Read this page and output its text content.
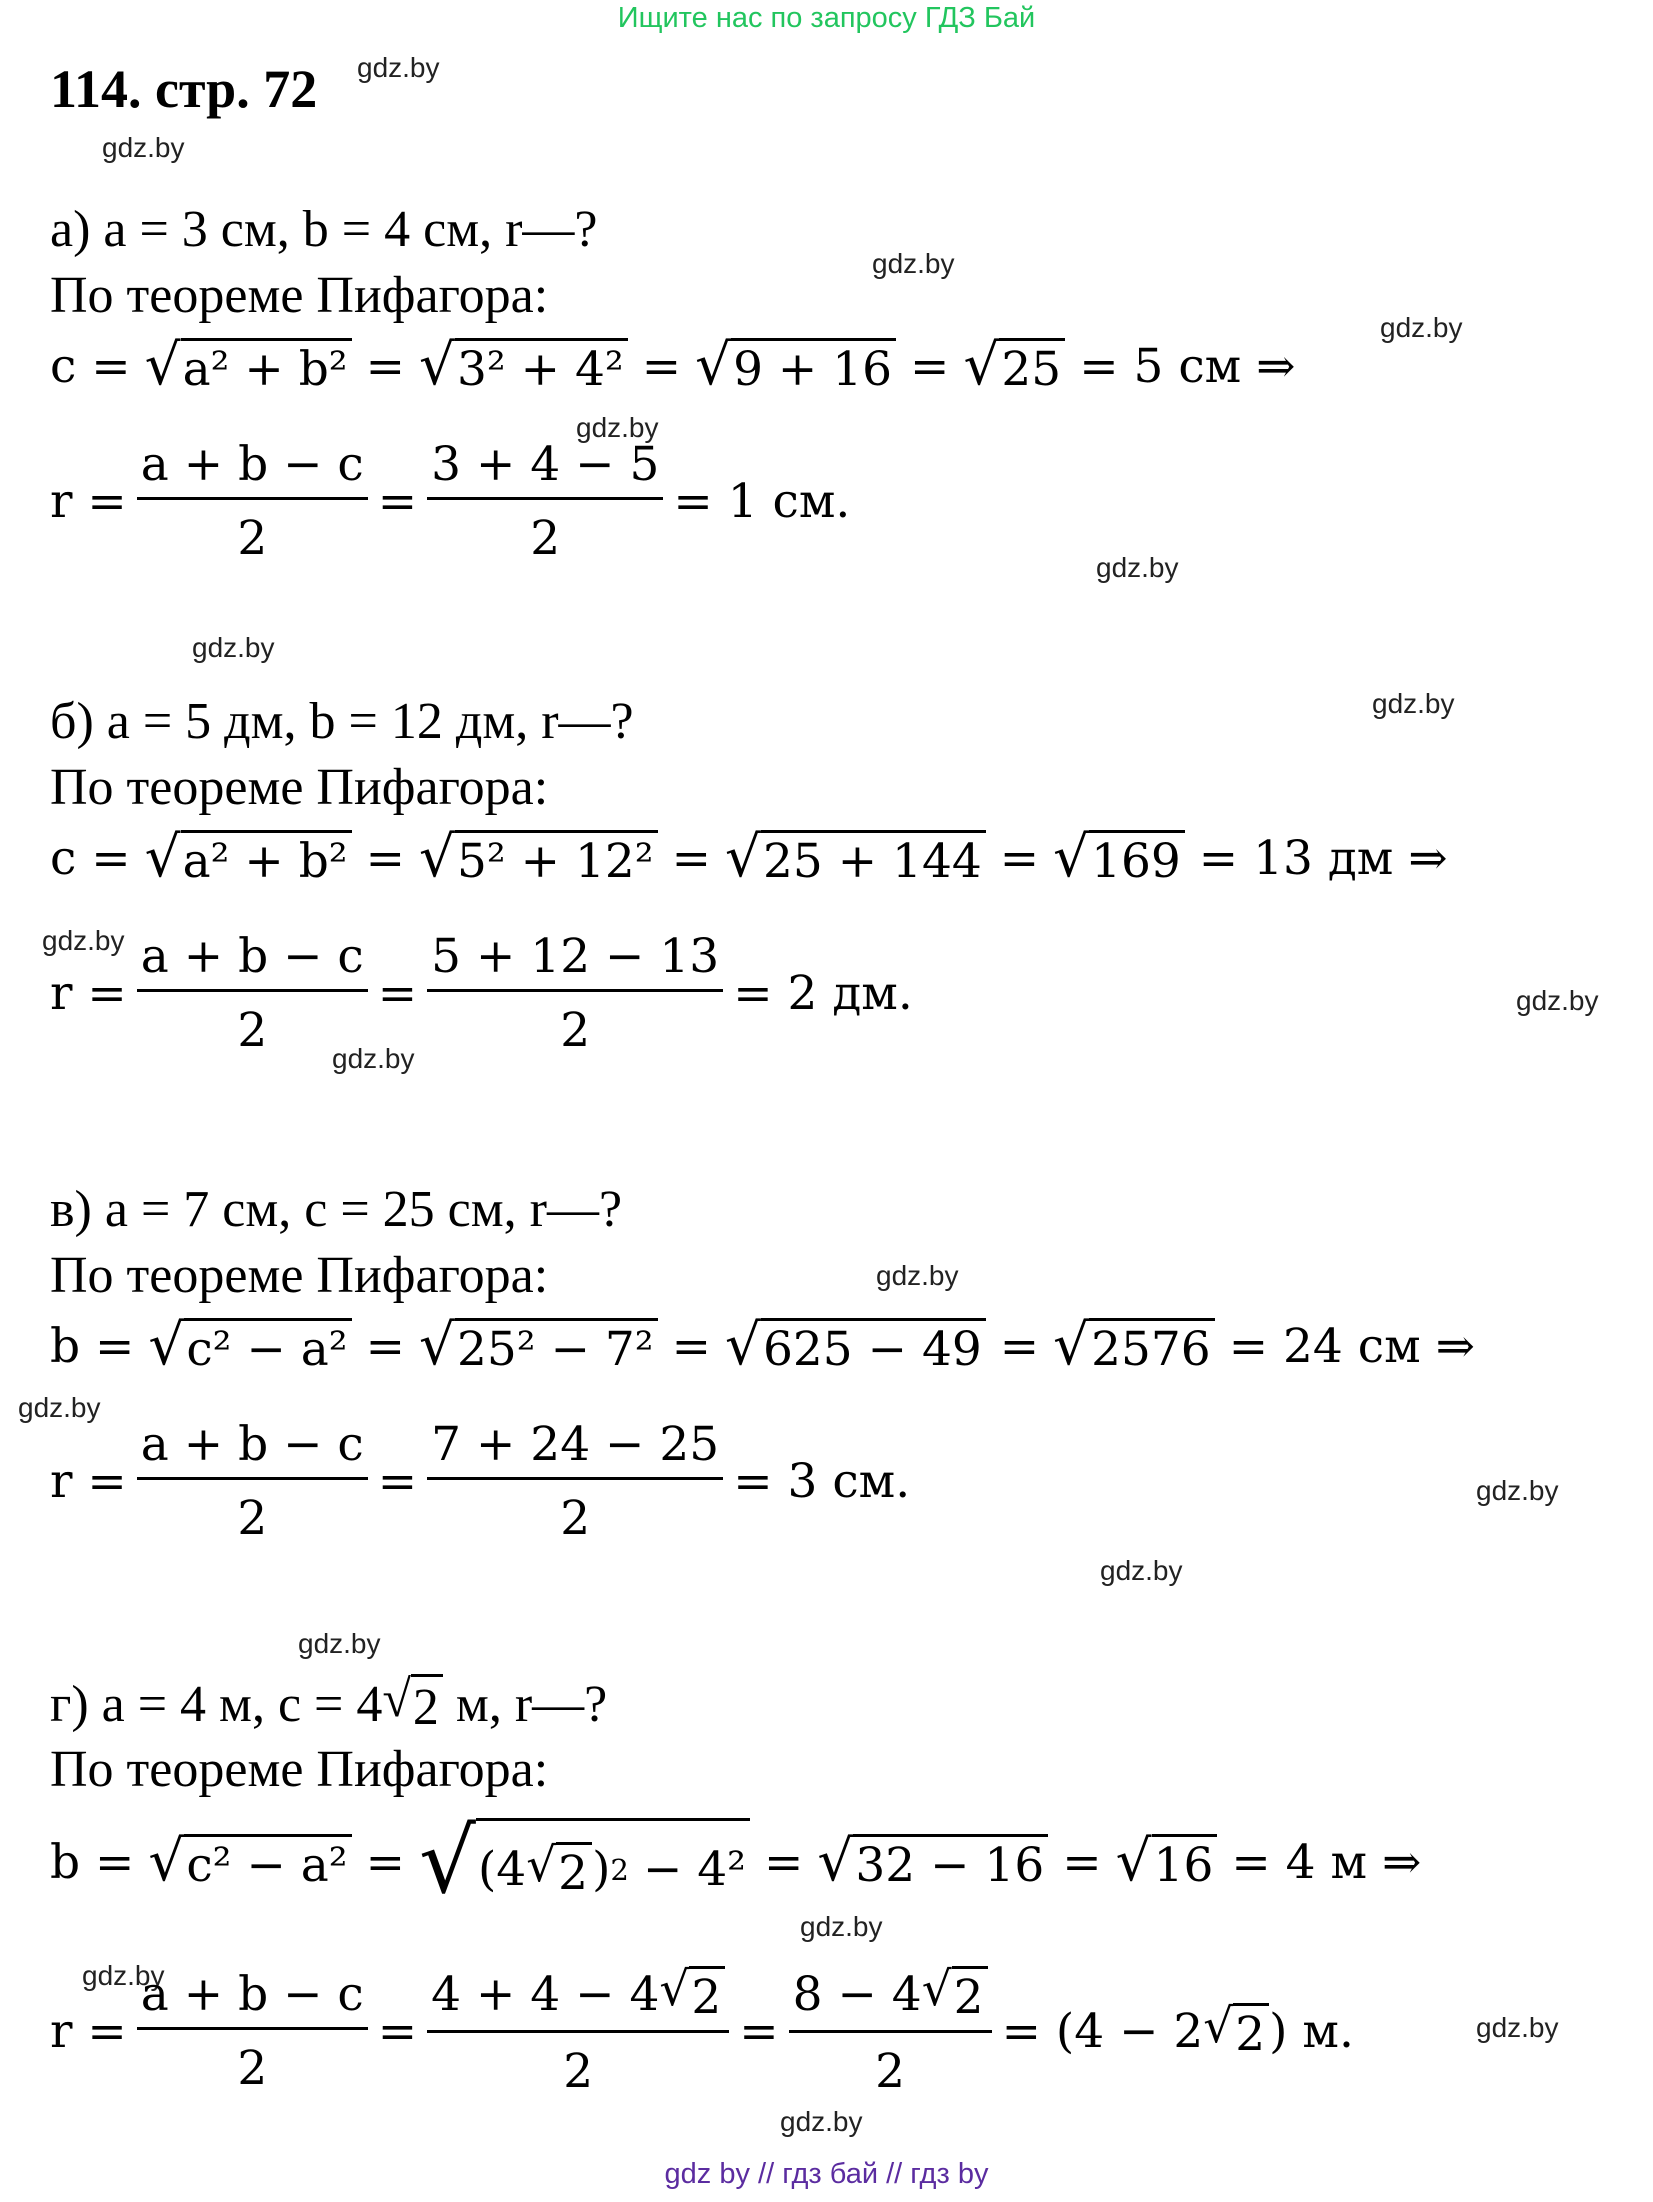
Ищите нас по запросу ГДЗ Бай
114. стр. 72 gdz.by
gdz.by
gdz.by
gdz.by
gdz.by
gdz.by
gdz.by
gdz.by
gdz.by
gdz.by
gdz.by
gdz.by
gdz.by
gdz.by
gdz.by
gdz.by
gdz.by
gdz.by
gdz.by
gdz.by
а) a = 3 см, b = 4 см, r—?
По теореме Пифагора:
c = √ a² + b² = √ 3² + 4² = √ 9 + 16 = √ 25 = 5 см ⇒
$r = \frac{a + b - c}{2} = \frac{3 + 4 - 5}{2} = 1$ см.
б) a = 5 дм, b = 12 дм, r—?
По теореме Пифагора:
c = √ a² + b² = √ 5² + 12² = √ 25 + 144 = √ 169 = 13 дм ⇒
$r = \frac{a + b - c}{2} = \frac{5 + 12 - 13}{2} = 2$ дм.
в) a = 7 см, c = 25 см, r—?
По теореме Пифагора:
b = √ c² − a² = √ 25² − 7² = √ 625 − 49 = √ 2576 = 24 см ⇒
$r = \frac{a + b - c}{2} = \frac{7 + 24 - 25}{2} = 3$ см.
г) a = 4 м, c = 4 √ 2 м, r—?
По теореме Пифагора:
b = √ c² − a² = √ (4 √ 2 ) 2 − 4² = √ 32 − 16 = √ 16 = 4 м ⇒
$r = \frac{a + b - c}{2} = \frac{4 + 4 - 4 √ 2}{2} = \frac{8 - 4 √ 2}{2} = (4 - 2$ √ 2 ) м.
gdz by // гдз бай // гдз by
